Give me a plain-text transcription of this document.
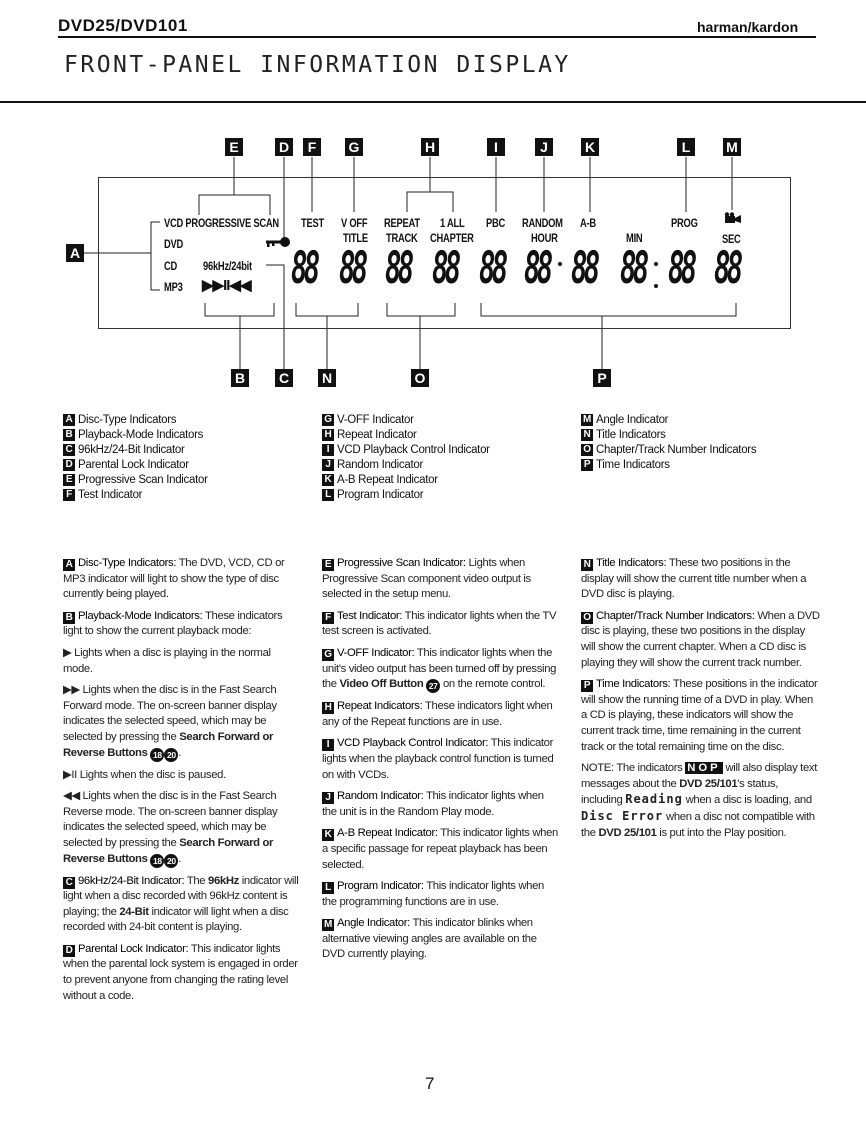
DVD25/DVD101	harman/kardon
FRONT-PANEL INFORMATION DISPLAY
E	D	F	G	H	I	J	K	L	M
A
B C N	O	P
VCD PROGRESSIVE SCAN TEST V OFF
TITLE
REPEAT 1 ALL
TRACK CHAPTER
PBC RANDOM
HOUR
A-B
MIN
PROG
SEC
DVD
CD
MP3
96kHz/24bit
▶▶II◀◀ 88 88 88 88 88 88 88 88 88 88
A Disc-Type Indicators
B Playback-Mode Indicators
C 96kHz/24-Bit Indicator
D Parental Lock Indicator
E Progressive Scan Indicator
F Test Indicator
G V-OFF Indicator
H Repeat Indicator
I VCD Playback Control Indicator
J Random Indicator
K A-B Repeat Indicator
L Program Indicator
M Angle Indicator
N Title Indicators
O Chapter/Track Number Indicators
P Time Indicators

A Disc-Type Indicators: The DVD, VCD, CD or MP3 indicator will light to show the type of disc currently being played.

B Playback-Mode Indicators: These indicators light to show the current playback mode:

▶ Lights when a disc is playing in the normal mode.

▶▶ Lights when the disc is in the Fast Search Forward mode. The on-screen banner display indicates the selected speed, which may be selected by pressing the Search Forward or Reverse Buttons 18 20 .

▶II Lights when the disc is paused.

◀◀ Lights when the disc is in the Fast Search Reverse mode. The on-screen banner display indicates the selected speed, which may be selected by pressing the Search Forward or Reverse Buttons 18 20 .

C 96kHz/24-Bit Indicator: The 96kHz indicator will light when a disc recorded with 96kHz content is playing; the 24-Bit indicator will light when a disc recorded with 24-bit content is playing.

D Parental Lock Indicator: This indicator lights when the parental lock system is engaged in order to prevent anyone from changing the rating level without a code.

E Progressive Scan Indicator: Lights when Progressive Scan component video output is selected in the setup menu.

F Test Indicator: This indicator lights when the TV test screen is activated.

G V-OFF Indicator: This indicator lights when the unit's video output has been turned off by pressing the Video Off Button 27 on the remote control.

H Repeat Indicators: These indicators light when any of the Repeat functions are in use.

I VCD Playback Control Indicator: This indicator lights when the playback control function is turned on with VCDs.

J Random Indicator: This indicator lights when the unit is in the Random Play mode.

K A-B Repeat Indicator: This indicator lights when a specific passage for repeat playback has been selected.

L Program Indicator: This indicator lights when the programming functions are in use.

M Angle Indicator: This indicator blinks when alternative viewing angles are available on the DVD currently playing.

N Title Indicators: These two positions in the display will show the current title number when a DVD disc is playing.

O Chapter/Track Number Indicators: When a DVD disc is playing, these two positions in the display will show the current chapter. When a CD disc is playing they will show the current track number.

P Time Indicators: These positions in the indicator will show the running time of a DVD in play. When a CD is playing, these indicators will show the current track time, time remaining in the current track or the total remaining time on the disc.

NOTE: The indicators NOP will also display text messages about the DVD 25/101's status, including Reading when a disc is loading, and Disc Error when a disc not compatible with the DVD 25/101 is put into the Play position.

7
